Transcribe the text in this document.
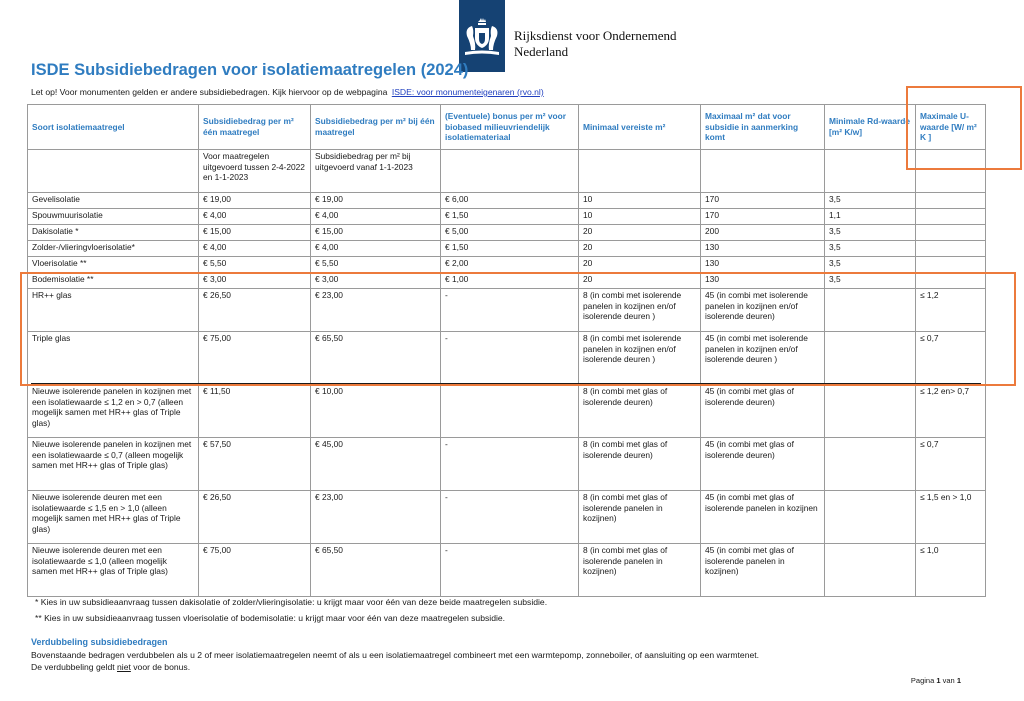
Rijksdienst voor Ondernemend
Nederland
ISDE Subsidiebedragen voor isolatiemaatregelen (2024)
Let op! Voor monumenten gelden er andere subsidiebedragen. Kijk hiervoor op de webpagina ISDE: voor monumenteigenaren (rvo.nl)
Soort isolatiemaatregel	Subsidiebedrag per m² één maatregel	Subsidiebedrag per m² bij één maatregel	(Eventuele) bonus per m² voor biobased milieuvriendelijk isolatiemateriaal	Minimaal vereiste m²	Maximaal m² dat voor subsidie in aanmerking komt	Minimale Rd-waarde [m² K/w]	Maximale U-waarde [W/ m² K ]
	Voor maatregelen uitgevoerd tussen 2-4-2022 en 1-1-2023	Subsidiebedrag per m² bij uitgevoerd vanaf 1-1-2023					
Gevelisolatie	€ 19,00	€ 19,00	€ 6,00	10	170	3,5	
Spouwmuurisolatie	€ 4,00	€ 4,00	€ 1,50	10	170	1,1	
Dakisolatie *	€ 15,00	€ 15,00	€ 5,00	20	200	3,5	
Zolder-/vlieringvloerisolatie*	€ 4,00	€ 4,00	€ 1,50	20	130	3,5	
Vloerisolatie **	€ 5,50	€ 5,50	€ 2,00	20	130	3,5	
Bodemisolatie **	€ 3,00	€ 3,00	€ 1,00	20	130	3,5	
HR++ glas	€ 26,50	€ 23,00	-	8 (in combi met isolerende panelen in kozijnen en/of isolerende deuren )	45 (in combi met isolerende panelen in kozijnen en/of isolerende deuren)		≤ 1,2
Triple glas	€ 75,00	€ 65,50	-	8 (in combi met isolerende panelen in kozijnen en/of isolerende deuren )	45 (in combi met isolerende panelen in kozijnen en/of isolerende deuren )		≤ 0,7
Nieuwe isolerende panelen in kozijnen met een isolatiewaarde ≤ 1,2 en > 0,7 (alleen mogelijk samen met HR++ glas of Triple glas)	€ 11,50	€ 10,00		8 (in combi met glas of isolerende deuren)	45 (in combi met glas of isolerende deuren)		≤ 1,2 en> 0,7
Nieuwe isolerende panelen in kozijnen met een isolatiewaarde ≤ 0,7 (alleen mogelijk samen met HR++ glas of Triple glas)	€ 57,50	€ 45,00	-	8 (in combi met glas of isolerende deuren)	45 (in combi met glas of isolerende deuren)		≤ 0,7
Nieuwe isolerende deuren met een isolatiewaarde ≤ 1,5 en > 1,0 (alleen mogelijk samen met HR++ glas of Triple glas)	€ 26,50	€ 23,00	-	8 (in combi met glas of isolerende panelen in kozijnen)	45 (in combi met glas of isolerende panelen in kozijnen		≤ 1,5 en > 1,0
Nieuwe isolerende deuren met een isolatiewaarde ≤ 1,0 (alleen mogelijk samen met HR++ glas of Triple glas)	€ 75,00	€ 65,50	-	8 (in combi met glas of isolerende panelen in kozijnen)	45 (in combi met glas of isolerende panelen in kozijnen)		≤ 1,0
* Kies in uw subsidieaanvraag tussen dakisolatie of zolder/vlieringisolatie: u krijgt maar voor één van deze beide maatregelen subsidie.
** Kies in uw subsidieaanvraag tussen vloerisolatie of bodemisolatie: u krijgt maar voor één van deze maatregelen subsidie.
Verdubbeling subsidiebedragen
Bovenstaande bedragen verdubbelen als u 2 of meer isolatiemaatregelen neemt of als u een isolatiemaatregel combineert met een warmtepomp, zonneboiler, of aansluiting op een warmtenet.
De verdubbeling geldt niet voor de bonus.
Pagina 1 van 1
